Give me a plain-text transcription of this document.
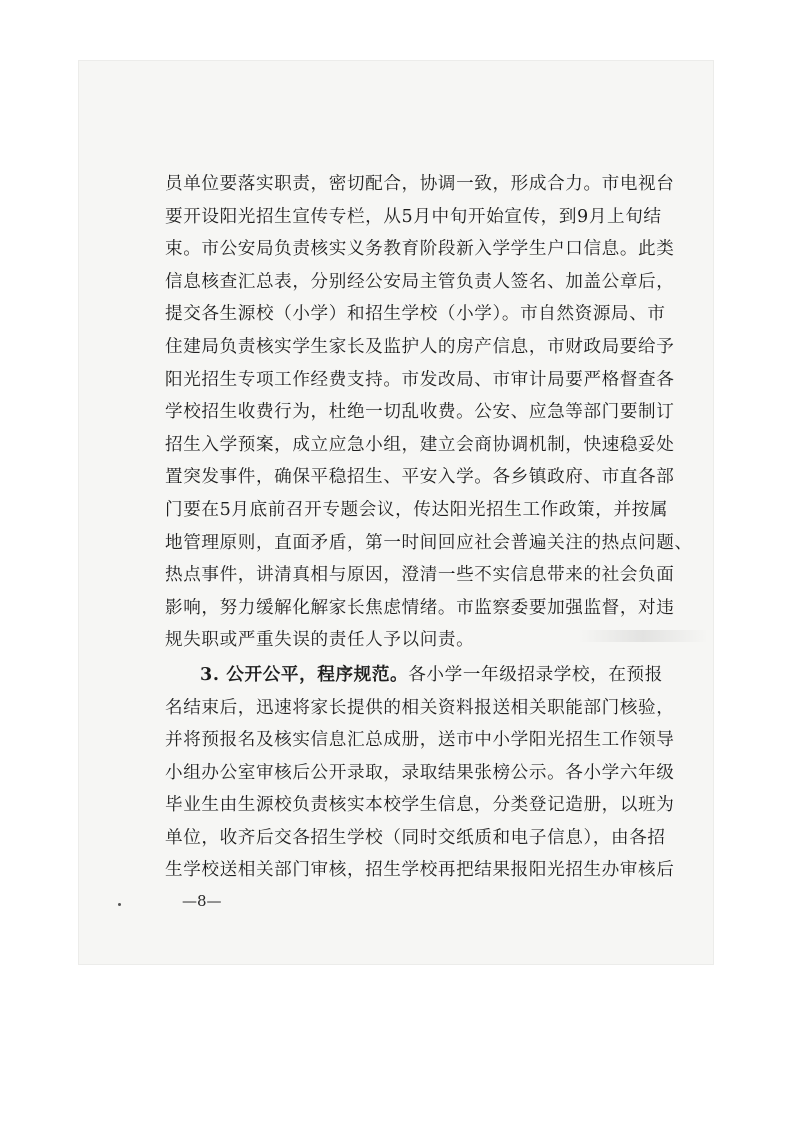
员单位要落实职责，密切配合，协调一致，形成合力。市电视台
要开设阳光招生宣传专栏，从5月中旬开始宣传，到9月上旬结
束。市公安局负责核实义务教育阶段新入学学生户口信息。此类
信息核查汇总表，分别经公安局主管负责人签名、加盖公章后，
提交各生源校（小学）和招生学校（小学）。市自然资源局、市
住建局负责核实学生家长及监护人的房产信息，市财政局要给予
阳光招生专项工作经费支持。市发改局、市审计局要严格督查各
学校招生收费行为，杜绝一切乱收费。公安、应急等部门要制订
招生入学预案，成立应急小组，建立会商协调机制，快速稳妥处
置突发事件，确保平稳招生、平安入学。各乡镇政府、市直各部
门要在5月底前召开专题会议，传达阳光招生工作政策，并按属
地管理原则，直面矛盾，第一时间回应社会普遍关注的热点问题、
热点事件，讲清真相与原因，澄清一些不实信息带来的社会负面
影响，努力缓解化解家长焦虑情绪。市监察委要加强监督，对违
规失职或严重失误的责任人予以问责。
3. 公开公平，程序规范。各小学一年级招录学校，在预报
名结束后，迅速将家长提供的相关资料报送相关职能部门核验，
并将预报名及核实信息汇总成册，送市中小学阳光招生工作领导
小组办公室审核后公开录取，录取结果张榜公示。各小学六年级
毕业生由生源校负责核实本校学生信息，分类登记造册，以班为
单位，收齐后交各招生学校（同时交纸质和电子信息），由各招
生学校送相关部门审核，招生学校再把结果报阳光招生办审核后
—8—
